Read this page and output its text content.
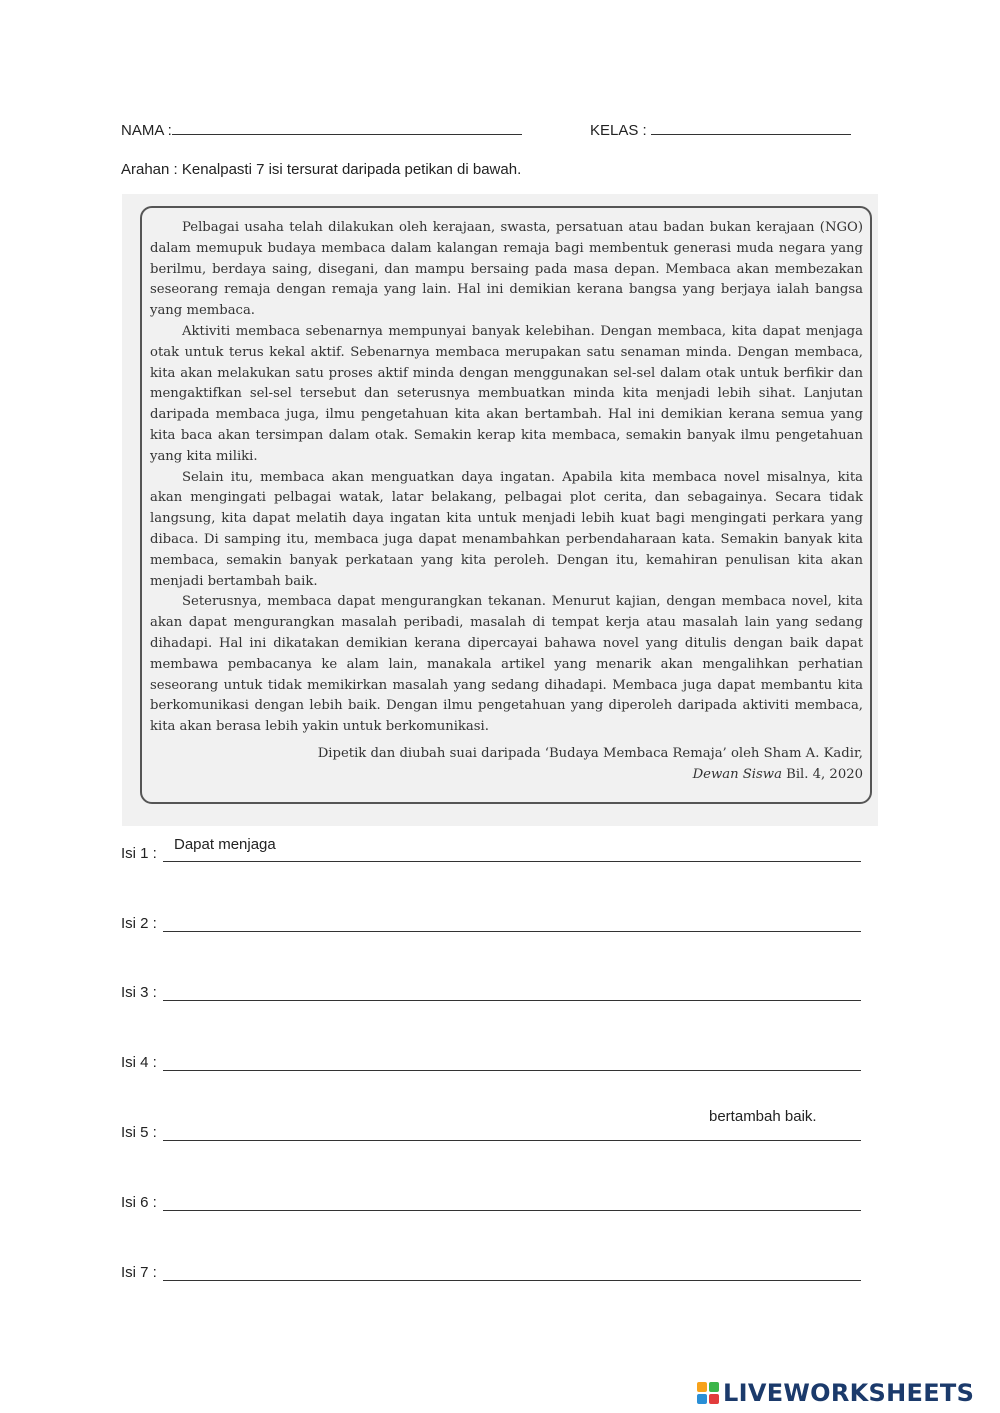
NAMA :	KELAS :
Arahan : Kenalpasti 7 isi tersurat daripada petikan di bawah.

Pelbagai usaha telah dilakukan oleh kerajaan, swasta, persatuan atau badan bukan kerajaan (NGO) dalam memupuk budaya membaca dalam kalangan remaja bagi membentuk generasi muda negara yang berilmu, berdaya saing, disegani, dan mampu bersaing pada masa depan. Membaca akan membezakan seseorang remaja dengan remaja yang lain. Hal ini demikian kerana bangsa yang berjaya ialah bangsa yang membaca.

Aktiviti membaca sebenarnya mempunyai banyak kelebihan. Dengan membaca, kita dapat menjaga otak untuk terus kekal aktif. Sebenarnya membaca merupakan satu senaman minda. Dengan membaca, kita akan melakukan satu proses aktif minda dengan menggunakan sel-sel dalam otak untuk berfikir dan mengaktifkan sel-sel tersebut dan seterusnya membuatkan minda kita menjadi lebih sihat. Lanjutan daripada membaca juga, ilmu pengetahuan kita akan bertambah. Hal ini demikian kerana semua yang kita baca akan tersimpan dalam otak. Semakin kerap kita membaca, semakin banyak ilmu pengetahuan yang kita miliki.

Selain itu, membaca akan menguatkan daya ingatan. Apabila kita membaca novel misalnya, kita akan mengingati pelbagai watak, latar belakang, pelbagai plot cerita, dan sebagainya. Secara tidak langsung, kita dapat melatih daya ingatan kita untuk menjadi lebih kuat bagi mengingati perkara yang dibaca. Di samping itu, membaca juga dapat menambahkan perbendaharaan kata. Semakin banyak kita membaca, semakin banyak perkataan yang kita peroleh. Dengan itu, kemahiran penulisan kita akan menjadi bertambah baik.

Seterusnya, membaca dapat mengurangkan tekanan. Menurut kajian, dengan membaca novel, kita akan dapat mengurangkan masalah peribadi, masalah di tempat kerja atau masalah lain yang sedang dihadapi. Hal ini dikatakan demikian kerana dipercayai bahawa novel yang ditulis dengan baik dapat membawa pembacanya ke alam lain, manakala artikel yang menarik akan mengalihkan perhatian seseorang untuk tidak memikirkan masalah yang sedang dihadapi. Membaca juga dapat membantu kita berkomunikasi dengan lebih baik. Dengan ilmu pengetahuan yang diperoleh daripada aktiviti membaca, kita akan berasa lebih yakin untuk berkomunikasi.

Dipetik dan diubah suai daripada ‘Budaya Membaca Remaja’ oleh Sham A. Kadir,
Dewan Siswa Bil. 4, 2020
Isi 1 :
Dapat menjaga
Isi 2 :
Isi 3 :
Isi 4 :
Isi 5 :
bertambah baik.
Isi 6 :
Isi 7 :
LIVEWORKSHEETS
